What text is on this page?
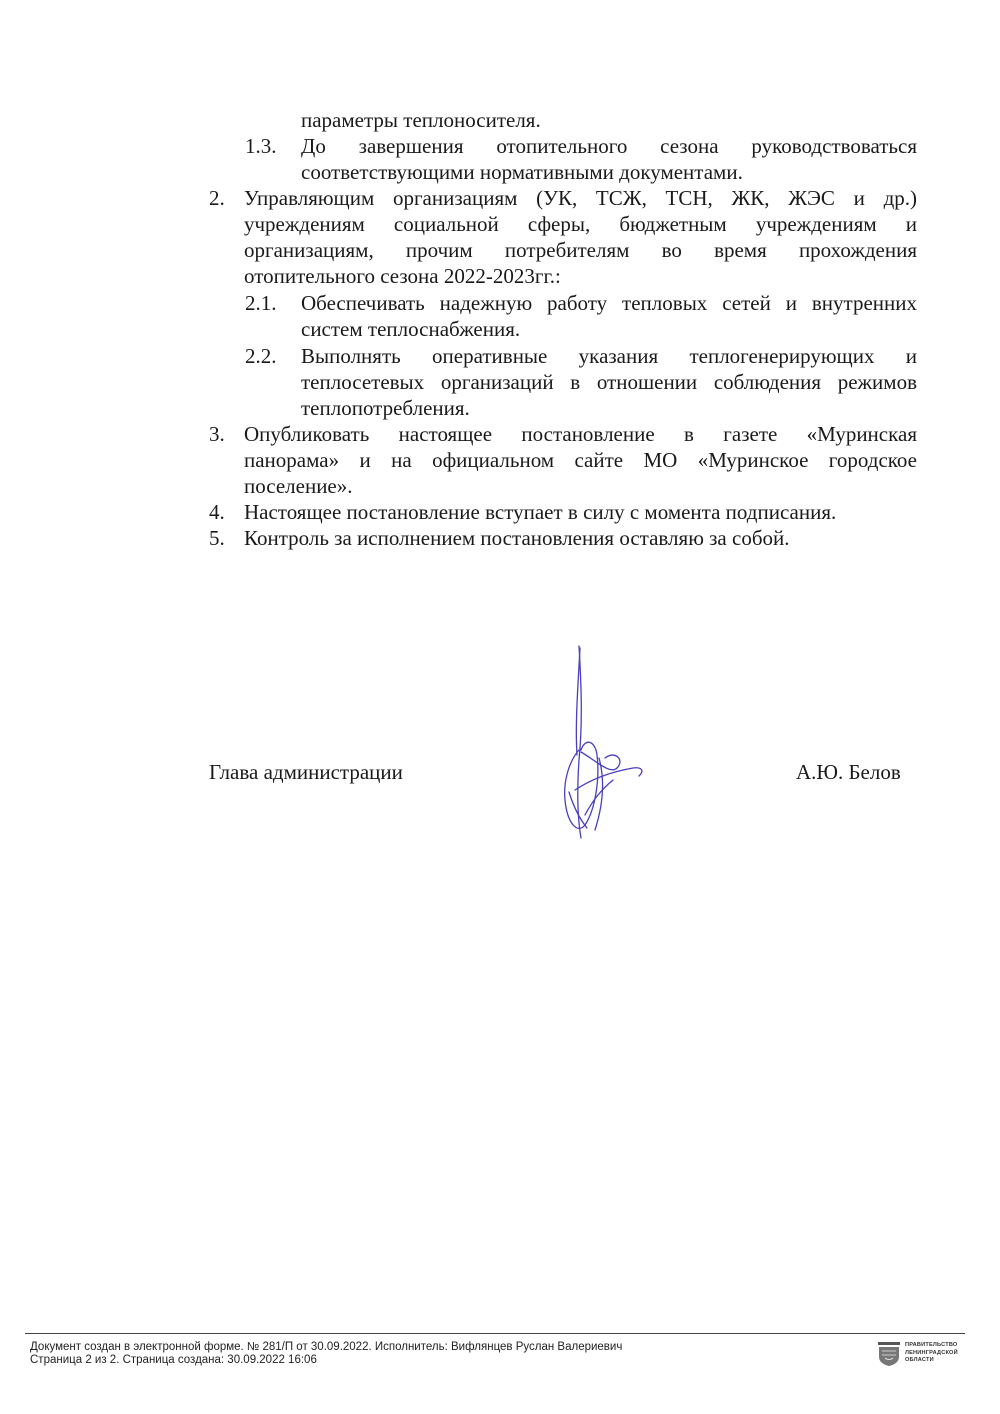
параметры теплоносителя.
1.3. До завершения отопительного сезона руководствоваться
соответствующими нормативными документами.
2. Управляющим организациям (УК, ТСЖ, ТСН, ЖК, ЖЭС и др.)
учреждениям социальной сферы, бюджетным учреждениям и
организациям, прочим потребителям во время прохождения
отопительного сезона 2022-2023гг.:
2.1. Обеспечивать надежную работу тепловых сетей и внутренних
систем теплоснабжения.
2.2. Выполнять оперативные указания теплогенерирующих и
теплосетевых организаций в отношении соблюдения режимов
теплопотребления.
3. Опубликовать настоящее постановление в газете «Муринская
панорама» и на официальном сайте МО «Муринское городское
поселение».
4. Настоящее постановление вступает в силу с момента подписания.
5. Контроль за исполнением постановления оставляю за собой.
Глава администрации	А.Ю. Белов
Документ создан в электронной форме. № 281/П от 30.09.2022. Исполнитель: Вифлянцев Руслан Валериевич
Страница 2 из 2. Страница создана: 30.09.2022 16:06
ПРАВИТЕЛЬСТВО
ЛЕНИНГРАДСКОЙ
ОБЛАСТИ
